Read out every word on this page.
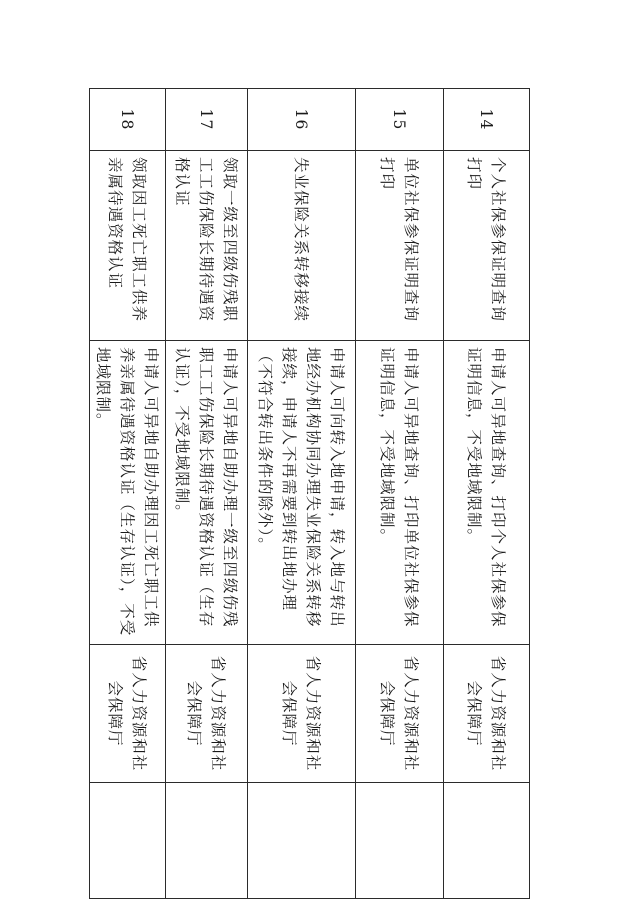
14	个人社保参保证明查询打印	申请人可异地查询、打印个人社保参保证明信息，不受地域限制。	省人力资源和社会保障厅	
15	单位社保参保证明查询打印	申请人可异地查询、打印单位社保参保证明信息，不受地域限制。	省人力资源和社会保障厅	
16	失业保险关系转移接续	申请人可向转入地申请，转入地与转出地经办机构协同办理失业保险关系转移接续，申请人不再需要到转出地办理（不符合转出条件的除外）。	省人力资源和社会保障厅	
17	领取一级至四级伤残职工工伤保险长期待遇资格认证	申请人可异地自助办理一级至四级伤残职工工伤保险长期待遇资格认证（生存认证），不受地域限制。	省人力资源和社会保障厅	
18	领取因工死亡职工供养亲属待遇资格认证	申请人可异地自助办理因工死亡职工供养亲属待遇资格认证（生存认证），不受地域限制。	省人力资源和社会保障厅	
